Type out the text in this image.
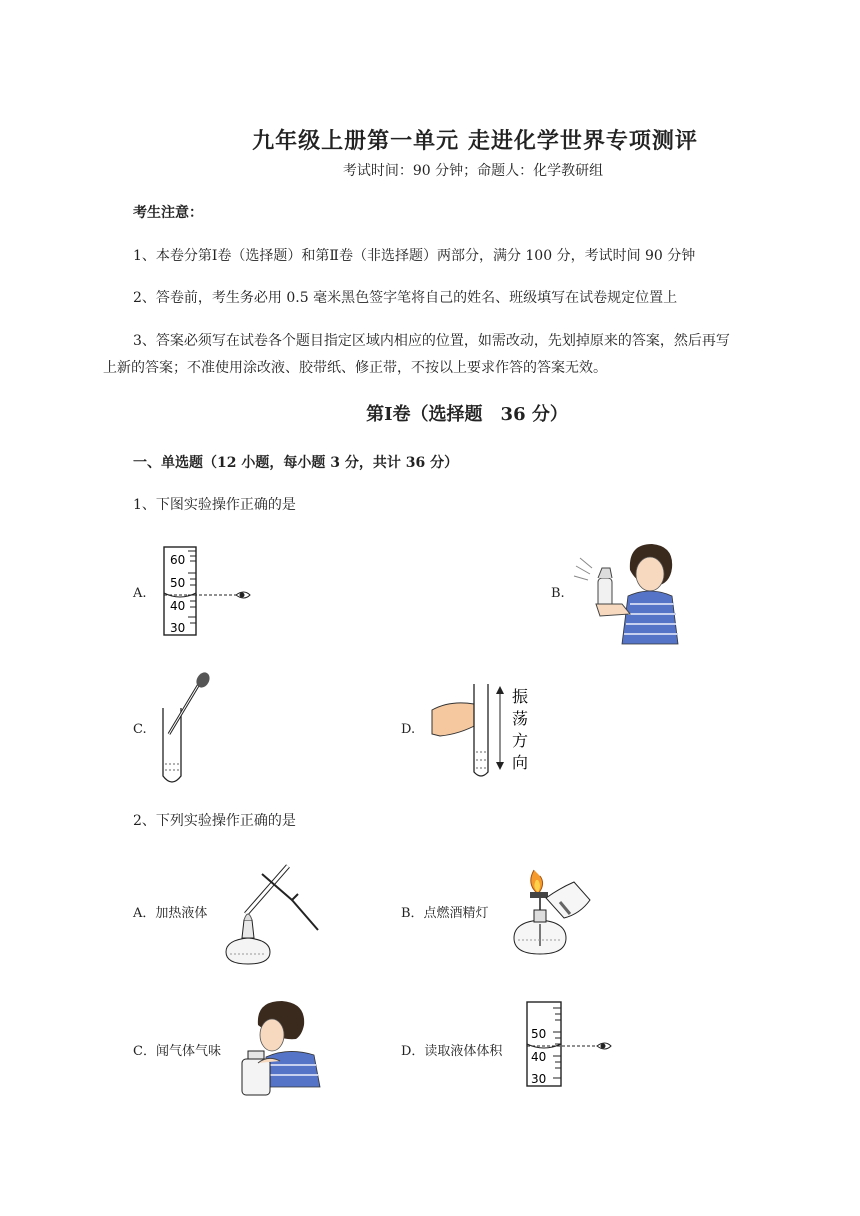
九年级上册第一单元 走进化学世界专项测评
考试时间：90 分钟；命题人：化学教研组
考生注意：
1、本卷分第Ⅰ卷（选择题）和第Ⅱ卷（非选择题）两部分，满分 100 分，考试时间 90 分钟
2、答卷前，考生务必用 0.5 毫米黑色签字笔将自己的姓名、班级填写在试卷规定位置上
3、答案必须写在试卷各个题目指定区域内相应的位置，如需改动，先划掉原来的答案，然后再写
上新的答案；不准使用涂改液、胶带纸、修正带，不按以上要求作答的答案无效。
第Ⅰ卷（选择题　36 分）
一、单选题（12 小题，每小题 3 分，共计 36 分）
1、下图实验操作正确的是
A.
60
50
40
30
B.
C.	D.
振
荡
方
向
2、下列实验操作正确的是
A．加热液体	B．点燃酒精灯
C．闻气体气味	D．读取液体体积
50
40
30
